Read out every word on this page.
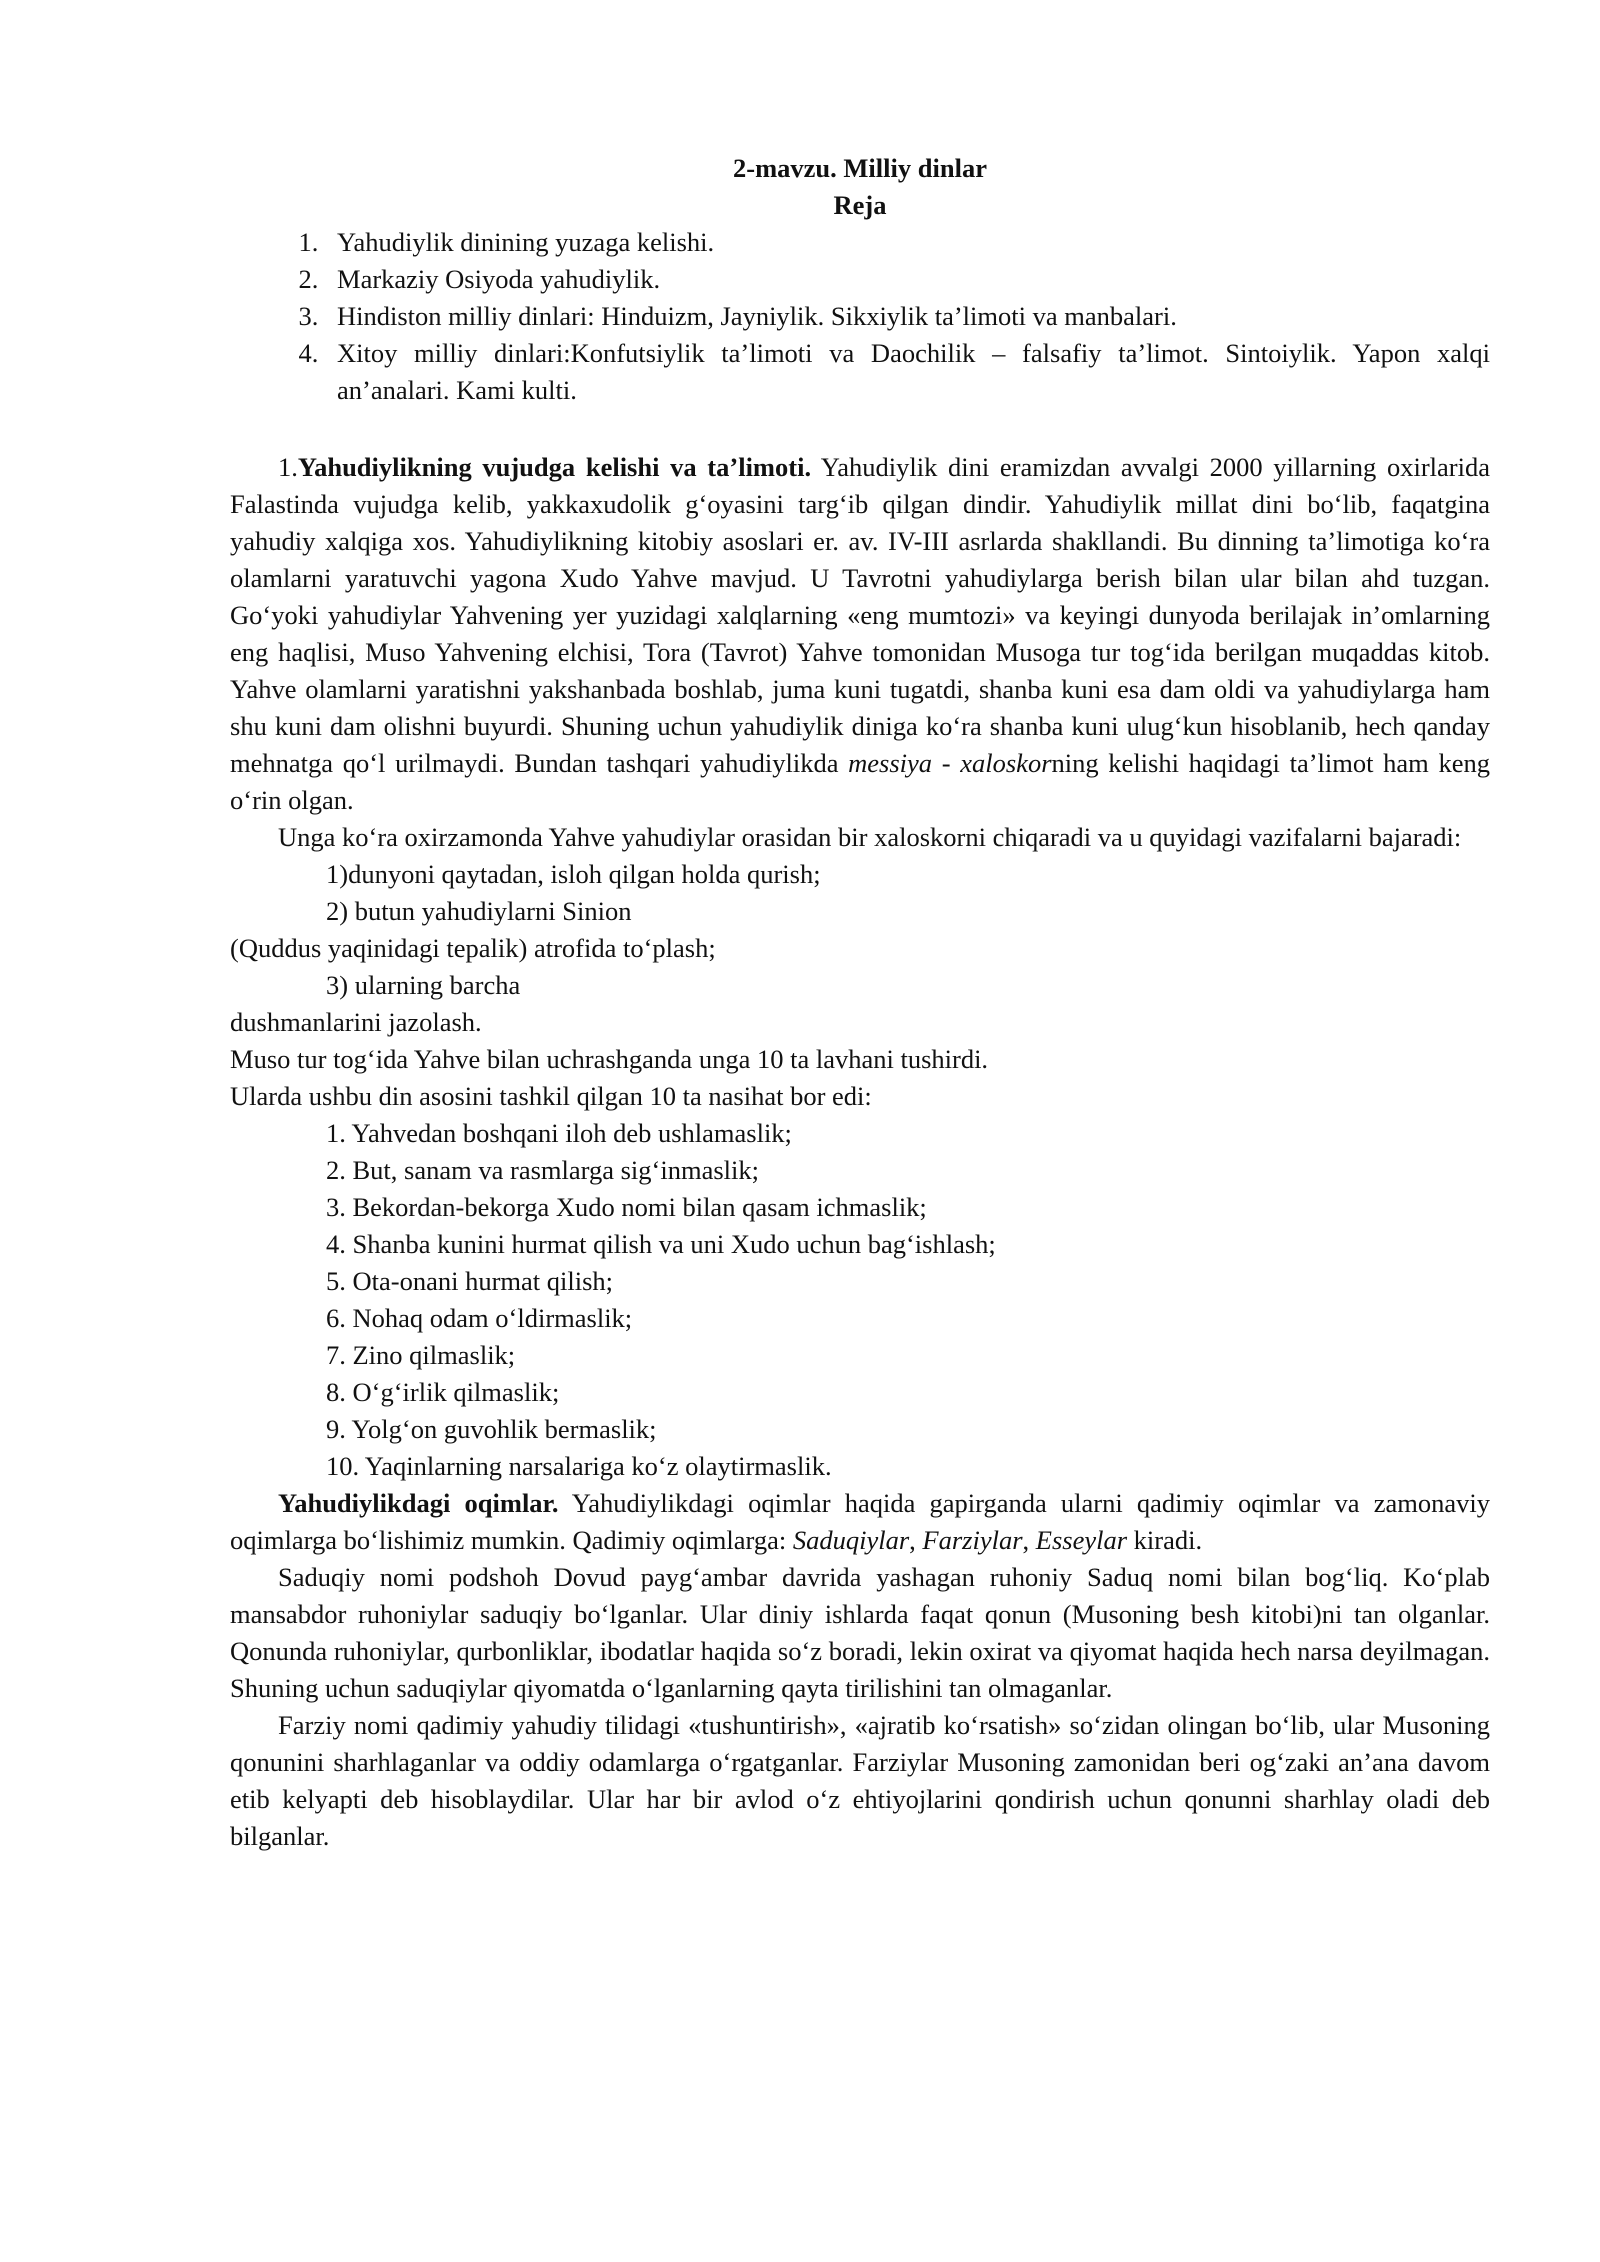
2-mavzu. Milliy dinlar
Reja
1. Yahudiylik dinining yuzaga kelishi.
2. Markaziy Osiyoda yahudiylik.
3. Hindiston milliy dinlari: Hinduizm, Jayniylik. Sikxiylik ta’limoti va manbalari.
4. Xitoy milliy dinlari:Konfutsiylik ta’limoti va Daochilik – falsafiy ta’limot. Sintoiylik. Yapon xalqi an’analari. Kami kulti.

1.Yahudiylikning vujudga kelishi va ta’limoti. Yahudiylik dini eramizdan avvalgi 2000 yillarning oxirlarida Falastinda vujudga kelib, yakkaxudolik g‘oyasini targ‘ib qilgan dindir. Yahudiylik millat dini bo‘lib, faqatgina yahudiy xalqiga xos. Yahudiylikning kitobiy asoslari er. av. IV-III asrlarda shakllandi. Bu dinning ta’limotiga ko‘ra olamlarni yaratuvchi yagona Xudo Yahve mavjud. U Tavrotni yahudiylarga berish bilan ular bilan ahd tuzgan. Go‘yoki yahudiylar Yahvening yer yuzidagi xalqlarning «eng mumtozi» va keyingi dunyoda berilajak in’omlarning eng haqlisi, Muso Yahvening elchisi, Tora (Tavrot) Yahve tomonidan Musoga tur tog‘ida berilgan muqaddas kitob. Yahve olamlarni yaratishni yakshanbada boshlab, juma kuni tugatdi, shanba kuni esa dam oldi va yahudiylarga ham shu kuni dam olishni buyurdi. Shuning uchun yahudiylik diniga ko‘ra shanba kuni ulug‘kun hisoblanib, hech qanday mehnatga qo‘l urilmaydi. Bundan tashqari yahudiylikda messiya - xaloskorning kelishi haqidagi ta’limot ham keng o‘rin olgan.

Unga ko‘ra oxirzamonda Yahve yahudiylar orasidan bir xaloskorni chiqaradi va u quyidagi vazifalarni bajaradi:

1)dunyoni qaytadan, isloh qilgan holda qurish;
2) butun yahudiylarni Sinion
(Quddus yaqinidagi tepalik) atrofida to‘plash;
3) ularning barcha
dushmanlarini jazolash.
Muso tur tog‘ida Yahve bilan uchrashganda unga 10 ta lavhani tushirdi.
Ularda ushbu din asosini tashkil qilgan 10 ta nasihat bor edi:
1. Yahvedan boshqani iloh deb ushlamaslik;
2. But, sanam va rasmlarga sig‘inmaslik;
3. Bekordan-bekorga Xudo nomi bilan qasam ichmaslik;
4. Shanba kunini hurmat qilish va uni Xudo uchun bag‘ishlash;
5. Ota-onani hurmat qilish;
6. Nohaq odam o‘ldirmaslik;
7. Zino qilmaslik;
8. O‘g‘irlik qilmaslik;
9. Yolg‘on guvohlik bermaslik;
10. Yaqinlarning narsalariga ko‘z olaytirmaslik.

Yahudiylikdagi oqimlar. Yahudiylikdagi oqimlar haqida gapirganda ularni qadimiy oqimlar va zamonaviy oqimlarga bo‘lishimiz mumkin. Qadimiy oqimlarga: Saduqiylar, Farziylar, Esseylar kiradi.

Saduqiy nomi podshoh Dovud payg‘ambar davrida yashagan ruhoniy Saduq nomi bilan bog‘liq. Ko‘plab mansabdor ruhoniylar saduqiy bo‘lganlar. Ular diniy ishlarda faqat qonun (Musoning besh kitobi)ni tan olganlar. Qonunda ruhoniylar, qurbonliklar, ibodatlar haqida so‘z boradi, lekin oxirat va qiyomat haqida hech narsa deyilmagan. Shuning uchun saduqiylar qiyomatda o‘lganlarning qayta tirilishini tan olmaganlar.

Farziy nomi qadimiy yahudiy tilidagi «tushuntirish», «ajratib ko‘rsatish» so‘zidan olingan bo‘lib, ular Musoning qonunini sharhlaganlar va oddiy odamlarga o‘rgatganlar. Farziylar Musoning zamonidan beri og‘zaki an’ana davom etib kelyapti deb hisoblaydilar. Ular har bir avlod o‘z ehtiyojlarini qondirish uchun qonunni sharhlay oladi deb bilganlar.
